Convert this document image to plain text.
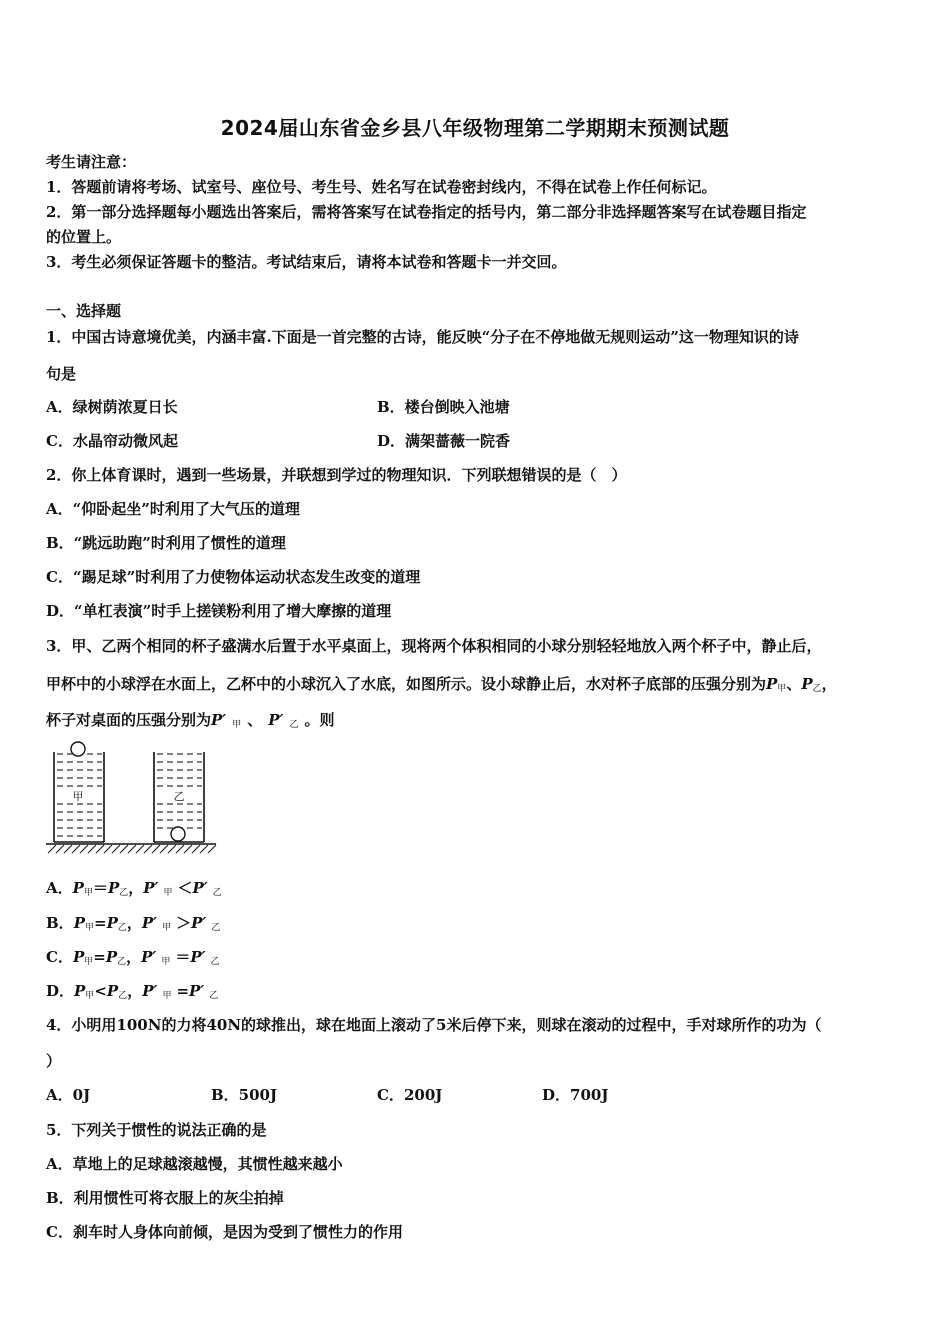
2024届山东省金乡县八年级物理第二学期期末预测试题
考生请注意：
1．答题前请将考场、试室号、座位号、考生号、姓名写在试卷密封线内，不得在试卷上作任何标记。
2．第一部分选择题每小题选出答案后，需将答案写在试卷指定的括号内，第二部分非选择题答案写在试卷题目指定
的位置上。
3．考生必须保证答题卡的整洁。考试结束后，请将本试卷和答题卡一并交回。
一、选择题
1．中国古诗意境优美，内涵丰富.下面是一首完整的古诗，能反映“分子在不停地做无规则运动”这一物理知识的诗
句是
A．绿树荫浓夏日长	B．楼台倒映入池塘
C．水晶帘动微风起	D．满架蔷薇一院香
2．你上体育课时，遇到一些场景，并联想到学过的物理知识．下列联想错误的是（　）
A．“仰卧起坐”时利用了大气压的道理
B．“跳远助跑”时利用了惯性的道理
C．“踢足球”时利用了力使物体运动状态发生改变的道理
D．“单杠表演”时手上搓镁粉利用了增大摩擦的道理
3．甲、乙两个相同的杯子盛满水后置于水平桌面上，现将两个体积相同的小球分别轻轻地放入两个杯子中，静止后，
甲杯中的小球浮在水面上，乙杯中的小球沉入了水底，如图所示。设小球静止后，水对杯子底部的压强分别为$P_甲$、$P_乙$，
杯子对桌面的压强分别为P′ $_甲$ 、 P′ $_乙$ 。则
甲	乙
A．$P_甲=P_乙$，P′ $_甲$ ＜P′ $_乙$
B．$P_甲=P_乙$，P′ $_甲$ ＞P′ $_乙$
C．$P_甲=P_乙$，P′ $_甲$ ＝P′ $_乙$
D．$P_甲<P_乙$，P′ $_甲$ =P′ $_乙$
4．小明用100N的力将40N的球推出，球在地面上滚动了5米后停下来，则球在滚动的过程中，手对球所作的功为（
）
A．0J	B．500J	C．200J	D．700J
5．下列关于惯性的说法正确的是
A．草地上的足球越滚越慢，其惯性越来越小
B．利用惯性可将衣服上的灰尘拍掉
C．刹车时人身体向前倾，是因为受到了惯性力的作用
